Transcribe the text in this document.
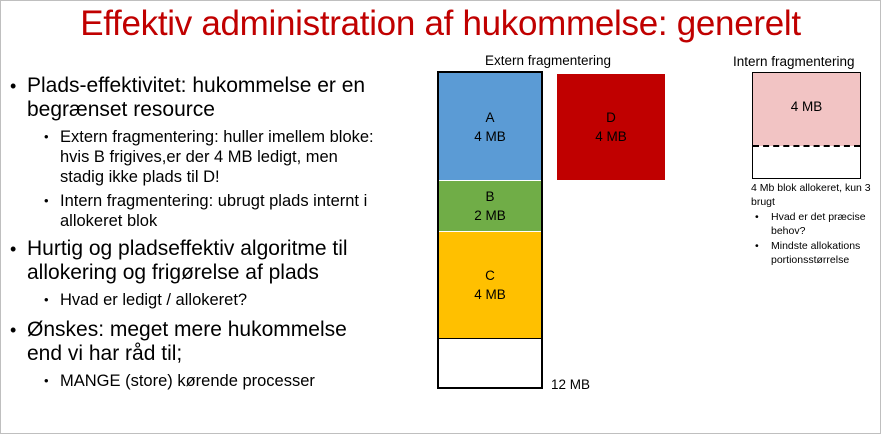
Effektiv administration af hukommelse: generelt
• Plads-effektivitet: hukommelse er en begrænset resource
• Extern fragmentering: huller imellem bloke: hvis B frigives,er der 4 MB ledigt, men stadig ikke plads til D!
• Intern fragmentering: ubrugt plads internt i allokeret blok
• Hurtig og pladseffektiv algoritme til allokering og frigørelse af plads
• Hvad er ledigt / allokeret?
• Ønskes: meget mere hukommelse end vi har råd til;
• MANGE (store) kørende processer
Extern fragmentering
A
4 MB
B
2 MB
C
4 MB
12 MB
D
4 MB
Intern fragmentering
4 MB
4 Mb blok allokeret, kun 3 brugt
• Hvad er det præcise behov?
• Mindste allokations portionsstørrelse
